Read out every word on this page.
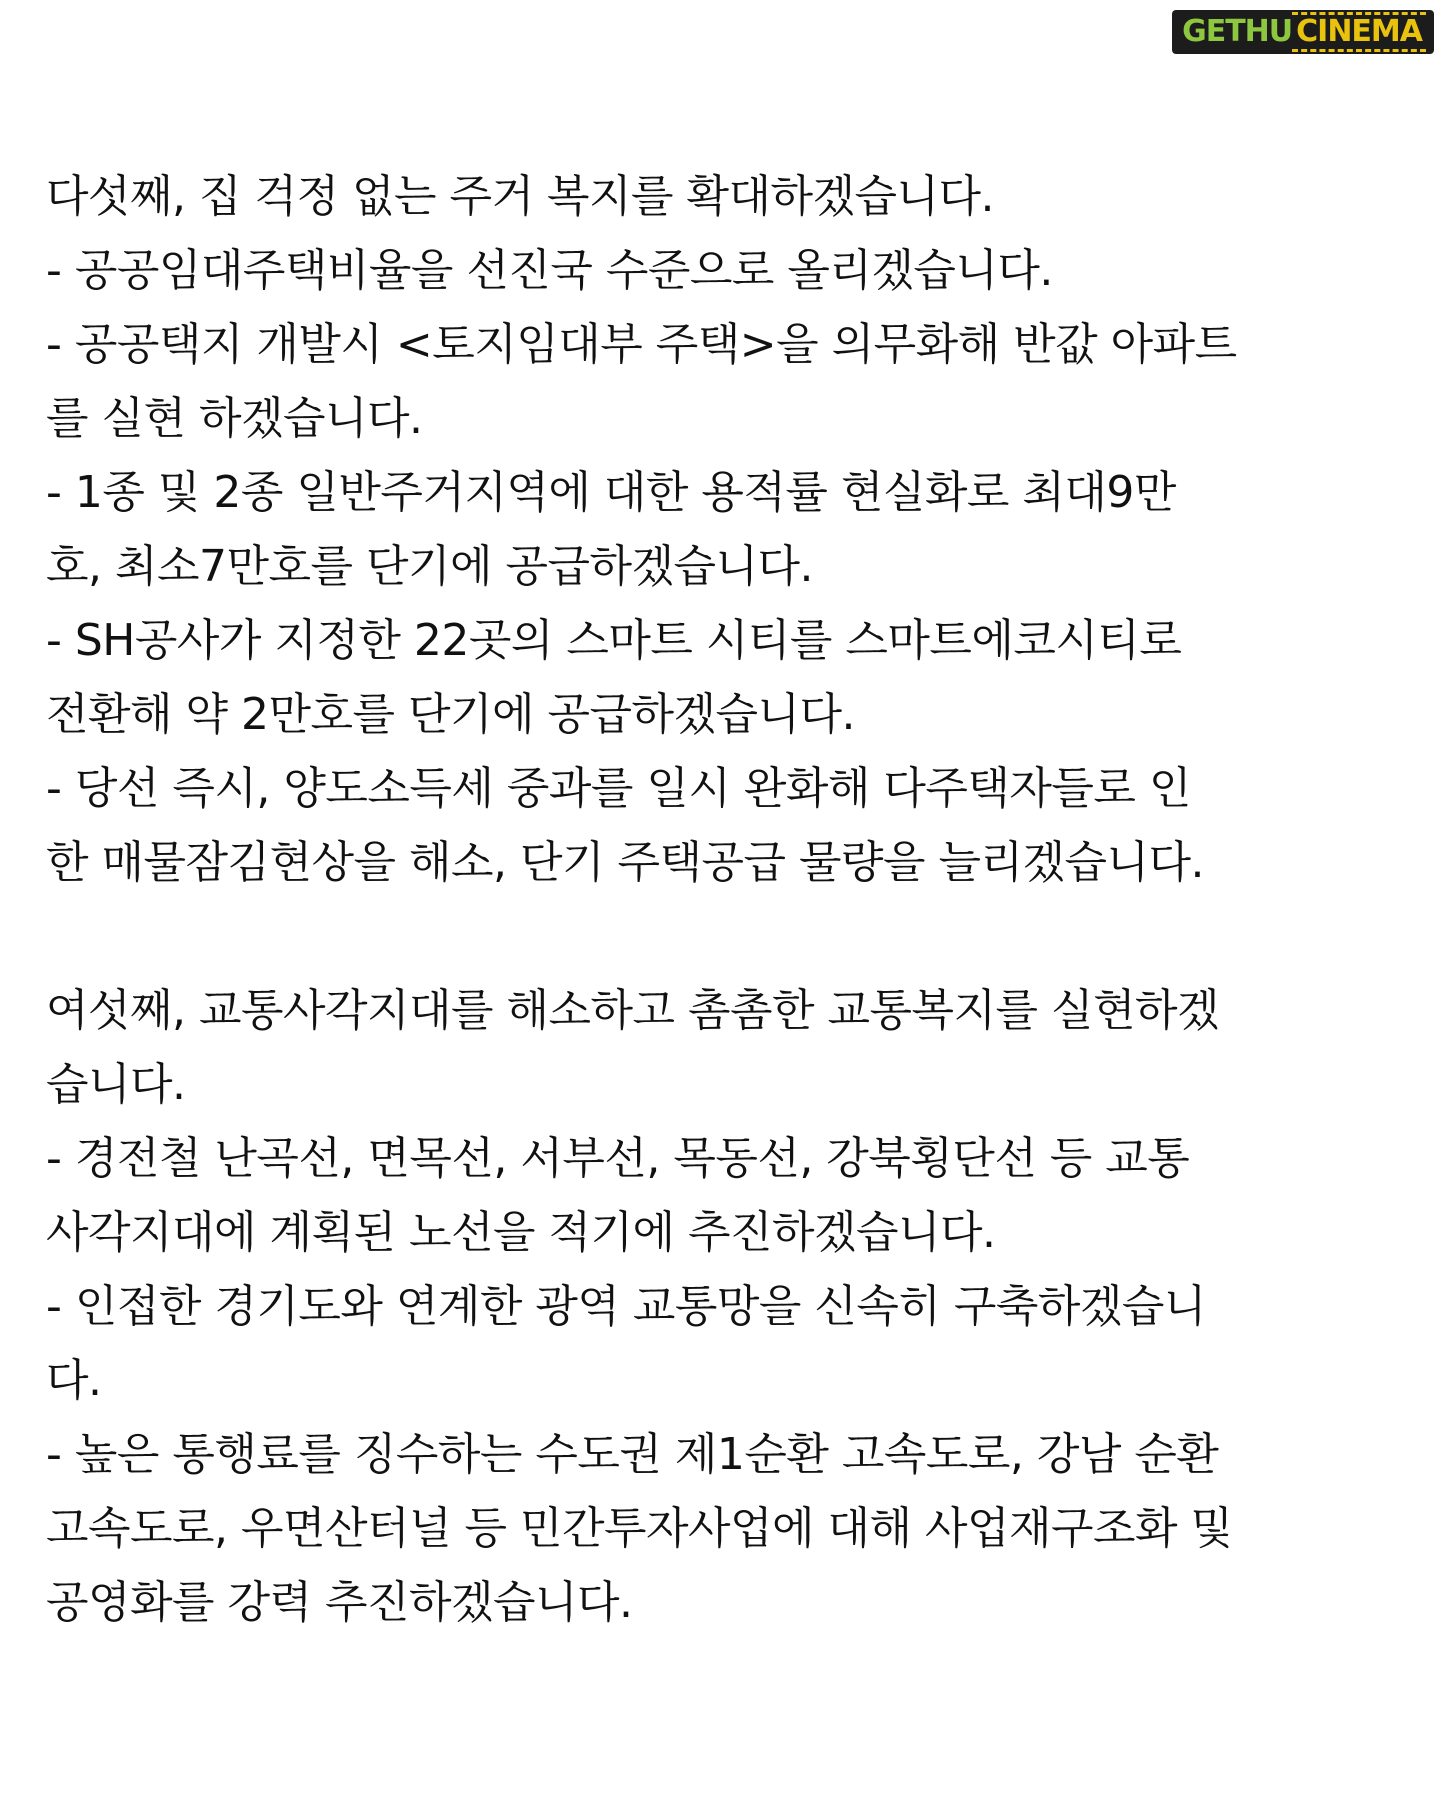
GETHU CINEMA
다섯째, 집 걱정 없는 주거 복지를 확대하겠습니다.
- 공공임대주택비율을 선진국 수준으로 올리겠습니다.
- 공공택지 개발시 <토지임대부 주택>을 의무화해 반값 아파트
를 실현 하겠습니다.
- 1종 및 2종 일반주거지역에 대한 용적률 현실화로 최대9만
호, 최소7만호를 단기에 공급하겠습니다.
- SH공사가 지정한 22곳의 스마트 시티를 스마트에코시티로
전환해 약 2만호를 단기에 공급하겠습니다.
- 당선 즉시, 양도소득세 중과를 일시 완화해 다주택자들로 인
한 매물잠김현상을 해소, 단기 주택공급 물량을 늘리겠습니다.
여섯째, 교통사각지대를 해소하고 촘촘한 교통복지를 실현하겠
습니다.
- 경전철 난곡선, 면목선, 서부선, 목동선, 강북횡단선 등 교통
사각지대에 계획된 노선을 적기에 추진하겠습니다.
- 인접한 경기도와 연계한 광역 교통망을 신속히 구축하겠습니
다.
- 높은 통행료를 징수하는 수도권 제1순환 고속도로, 강남 순환
고속도로, 우면산터널 등 민간투자사업에 대해 사업재구조화 및
공영화를 강력 추진하겠습니다.
